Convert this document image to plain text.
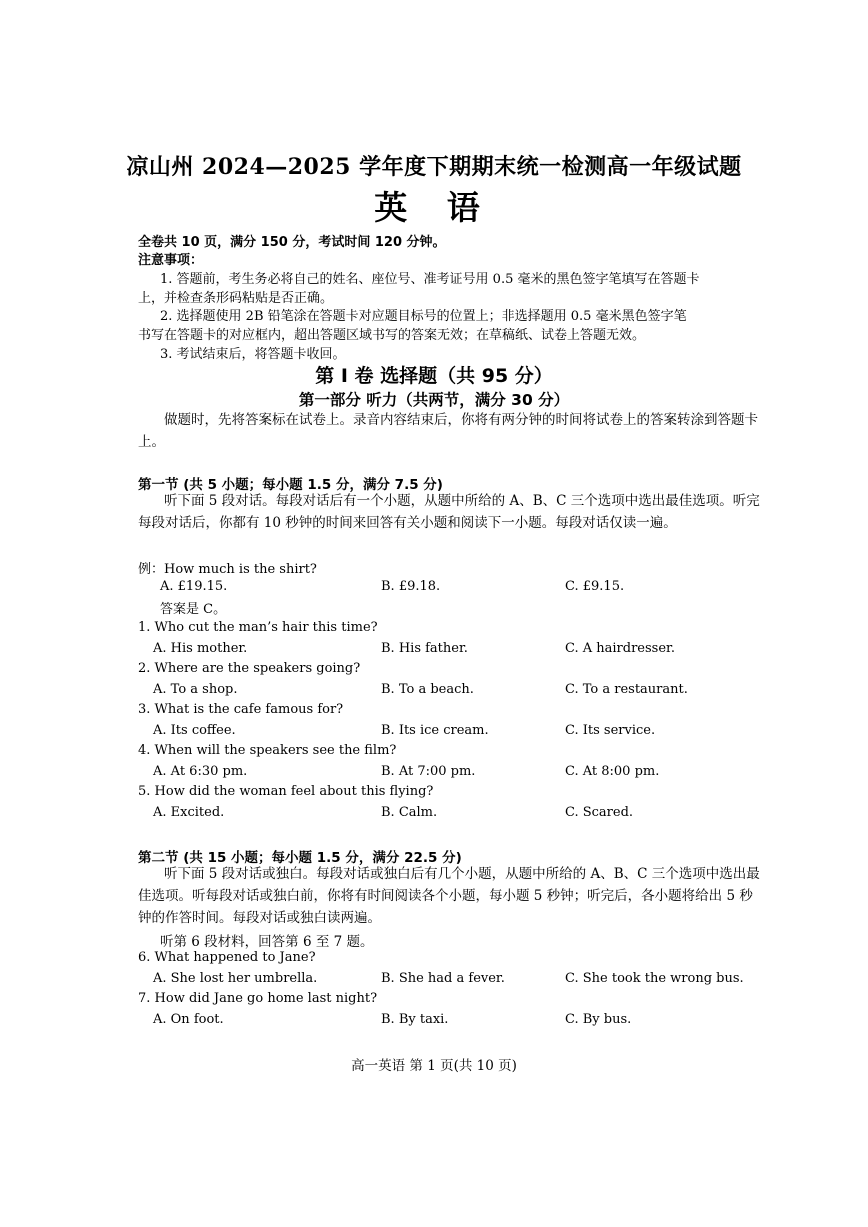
凉山州 2024—2025 学年度下期期末统一检测高一年级试题
英 语
全卷共 10 页，满分 150 分，考试时间 120 分钟。
注意事项：
1. 答题前，考生务必将自己的姓名、座位号、准考证号用 0.5 毫米的黑色签字笔填写在答题卡
上，并检查条形码粘贴是否正确。
2. 选择题使用 2B 铅笔涂在答题卡对应题目标号的位置上；非选择题用 0.5 毫米黑色签字笔
书写在答题卡的对应框内，超出答题区域书写的答案无效；在草稿纸、试卷上答题无效。
3. 考试结束后，将答题卡收回。
第 Ⅰ 卷 选择题（共 95 分）
第一部分 听力（共两节，满分 30 分）
做题时，先将答案标在试卷上。录音内容结束后，你将有两分钟的时间将试卷上的答案转涂到答题卡上。
第一节 (共 5 小题；每小题 1.5 分，满分 7.5 分)
听下面 5 段对话。每段对话后有一个小题，从题中所给的 A、B、C 三个选项中选出最佳选项。听完每段对话后，你都有 10 秒钟的时间来回答有关小题和阅读下一小题。每段对话仅读一遍。
例：How much is the shirt?
A. £19.15.	B. £9.18.	C. £9.15.
答案是 C。
1. Who cut the man’s hair this time?
A. His mother.	B. His father.	C. A hairdresser.
2. Where are the speakers going?
A. To a shop.	B. To a beach.	C. To a restaurant.
3. What is the cafe famous for?
A. Its coffee.	B. Its ice cream.	C. Its service.
4. When will the speakers see the film?
A. At 6:30 pm.	B. At 7:00 pm.	C. At 8:00 pm.
5. How did the woman feel about this flying?
A. Excited.	B. Calm.	C. Scared.
第二节 (共 15 小题；每小题 1.5 分，满分 22.5 分)
听下面 5 段对话或独白。每段对话或独白后有几个小题，从题中所给的 A、B、C 三个选项中选出最佳选项。听每段对话或独白前，你将有时间阅读各个小题，每小题 5 秒钟；听完后，各小题将给出 5 秒钟的作答时间。每段对话或独白读两遍。
听第 6 段材料，回答第 6 至 7 题。
6. What happened to Jane?
A. She lost her umbrella.	B. She had a fever.	C. She took the wrong bus.
7. How did Jane go home last night?
A. On foot.	B. By taxi.	C. By bus.
高一英语 第 1 页(共 10 页)
